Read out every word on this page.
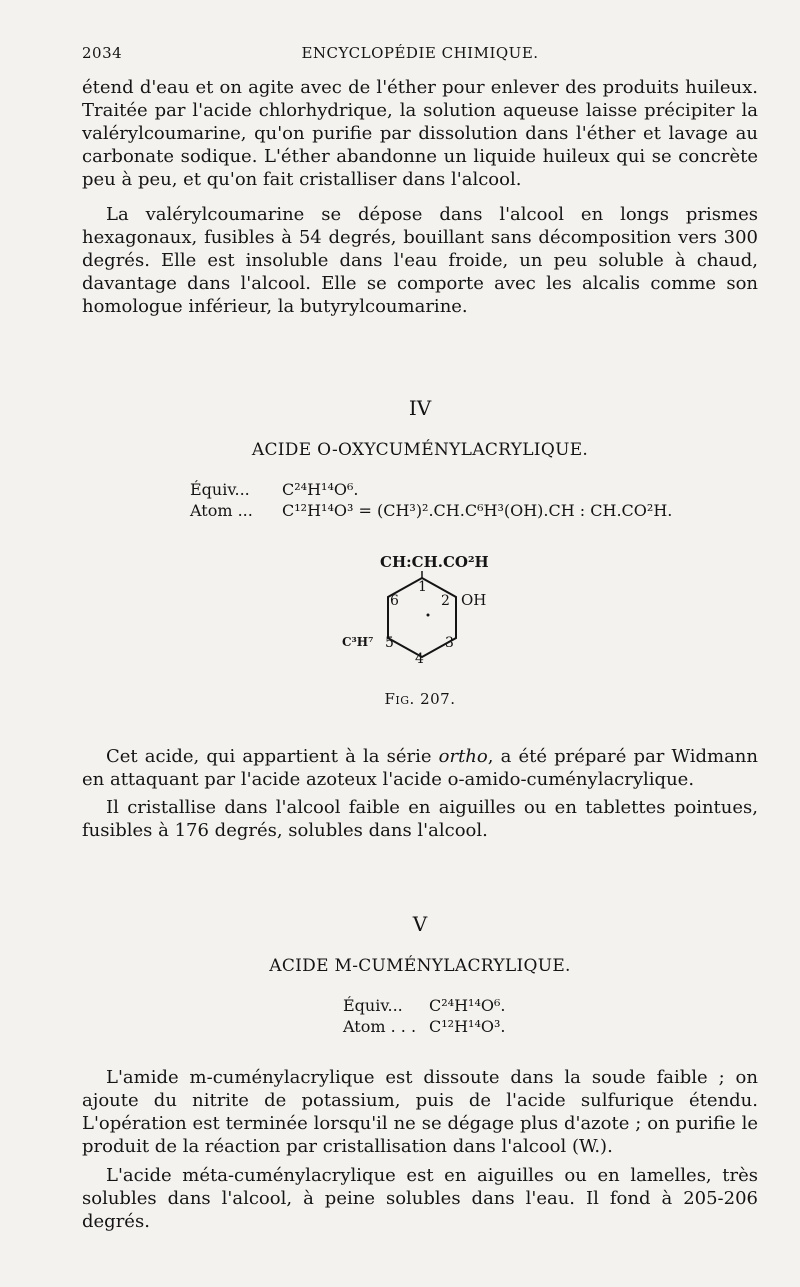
2034	ENCYCLOPÉDIE CHIMIQUE.

étend d'eau et on agite avec de l'éther pour enlever des produits huileux. Traitée par l'acide chlorhydrique, la solution aqueuse laisse précipiter la valérylcoumarine, qu'on purifie par dissolution dans l'éther et lavage au carbonate sodique. L'éther abandonne un liquide huileux qui se concrète peu à peu, et qu'on fait cristalliser dans l'alcool.

La valérylcoumarine se dépose dans l'alcool en longs prismes hexagonaux, fusibles à 54 degrés, bouillant sans décomposition vers 300 degrés. Elle est insoluble dans l'eau froide, un peu soluble à chaud, davantage dans l'alcool. Elle se comporte avec les alcalis comme son homologue inférieur, la butyrylcoumarine.

IV

ACIDE O-OXYCUMÉNYLACRYLIQUE.

Équiv... C²⁴H¹⁴O⁶.
Atom ... C¹²H¹⁴O³ = (CH³)².CH.C⁶H³(OH).CH : CH.CO²H.
CH:CH.CO²H
1
2
3
4
5
6	OH
C³H⁷

Fig. 207.

Cet acide, qui appartient à la série ortho, a été préparé par Widmann en attaquant par l'acide azoteux l'acide o-amido-cuménylacrylique.

Il cristallise dans l'alcool faible en aiguilles ou en tablettes pointues, fusibles à 176 degrés, solubles dans l'alcool.

V

ACIDE M-CUMÉNYLACRYLIQUE.

Équiv... C²⁴H¹⁴O⁶.
Atom . . . C¹²H¹⁴O³.

L'amide m-cuménylacrylique est dissoute dans la soude faible ; on ajoute du nitrite de potassium, puis de l'acide sulfurique étendu. L'opération est terminée lorsqu'il ne se dégage plus d'azote ; on purifie le produit de la réaction par cristallisation dans l'alcool (W.).

L'acide méta-cuménylacrylique est en aiguilles ou en lamelles, très solubles dans l'alcool, à peine solubles dans l'eau. Il fond à 205-206 degrés.
